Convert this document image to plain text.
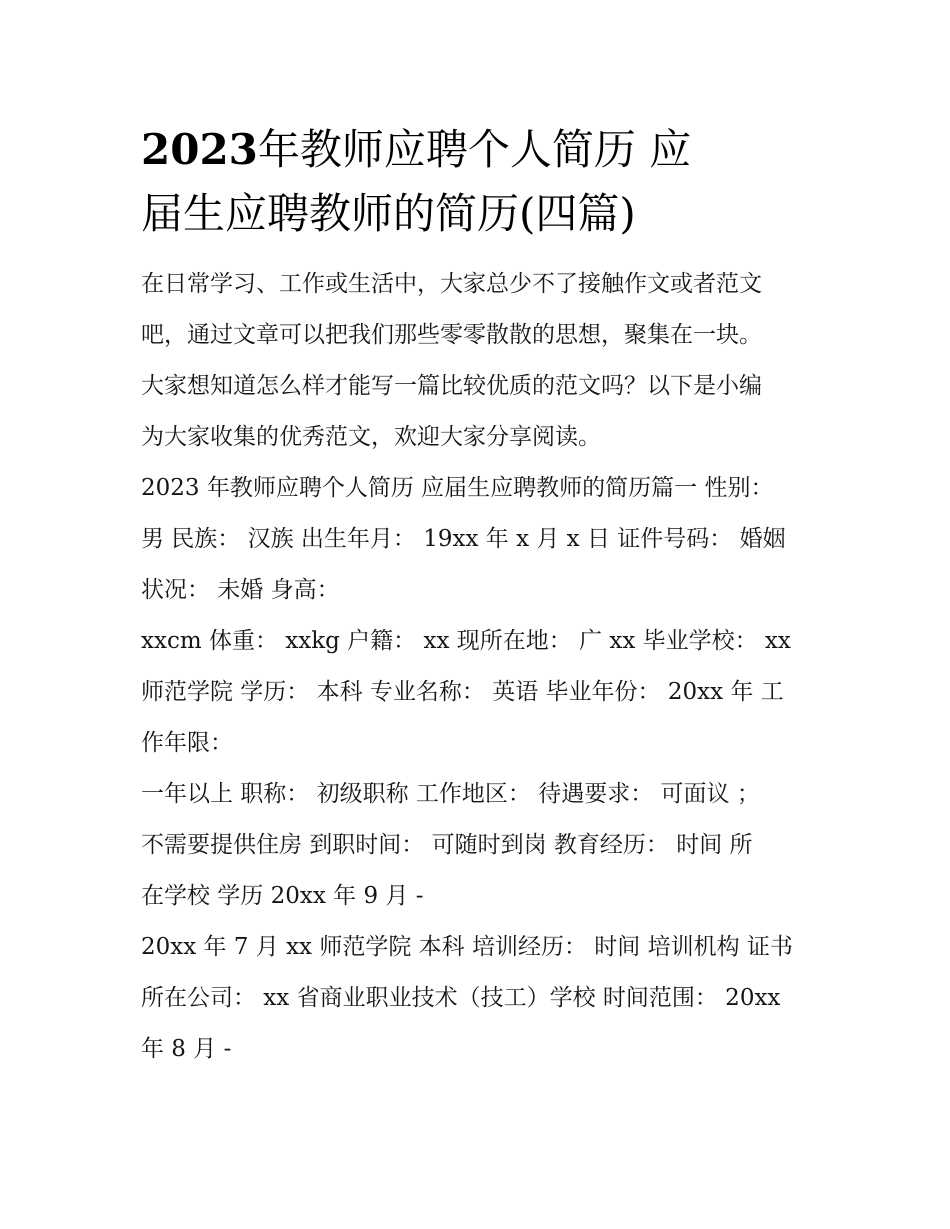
2023年教师应聘个人简历 应
届生应聘教师的简历(四篇)

在日常学习、工作或生活中，大家总少不了接触作文或者范文
吧，通过文章可以把我们那些零零散散的思想，聚集在一块。
大家想知道怎么样才能写一篇比较优质的范文吗？以下是小编
为大家收集的优秀范文，欢迎大家分享阅读。

2023 年教师应聘个人简历 应届生应聘教师的简历篇一 性别：
男 民族： 汉族 出生年月： 19xx 年 x 月 x 日 证件号码： 婚姻
状况： 未婚 身高：

xxcm 体重： xxkg 户籍： xx 现所在地： 广 xx 毕业学校： xx
师范学院 学历： 本科 专业名称： 英语 毕业年份： 20xx 年 工
作年限：

一年以上 职称： 初级职称 工作地区： 待遇要求： 可面议 ；
不需要提供住房 到职时间： 可随时到岗 教育经历： 时间 所
在学校 学历 20xx 年 9 月 -

20xx 年 7 月 xx 师范学院 本科 培训经历： 时间 培训机构 证书
所在公司： xx 省商业职业技术（技工）学校 时间范围： 20xx
年 8 月 -
